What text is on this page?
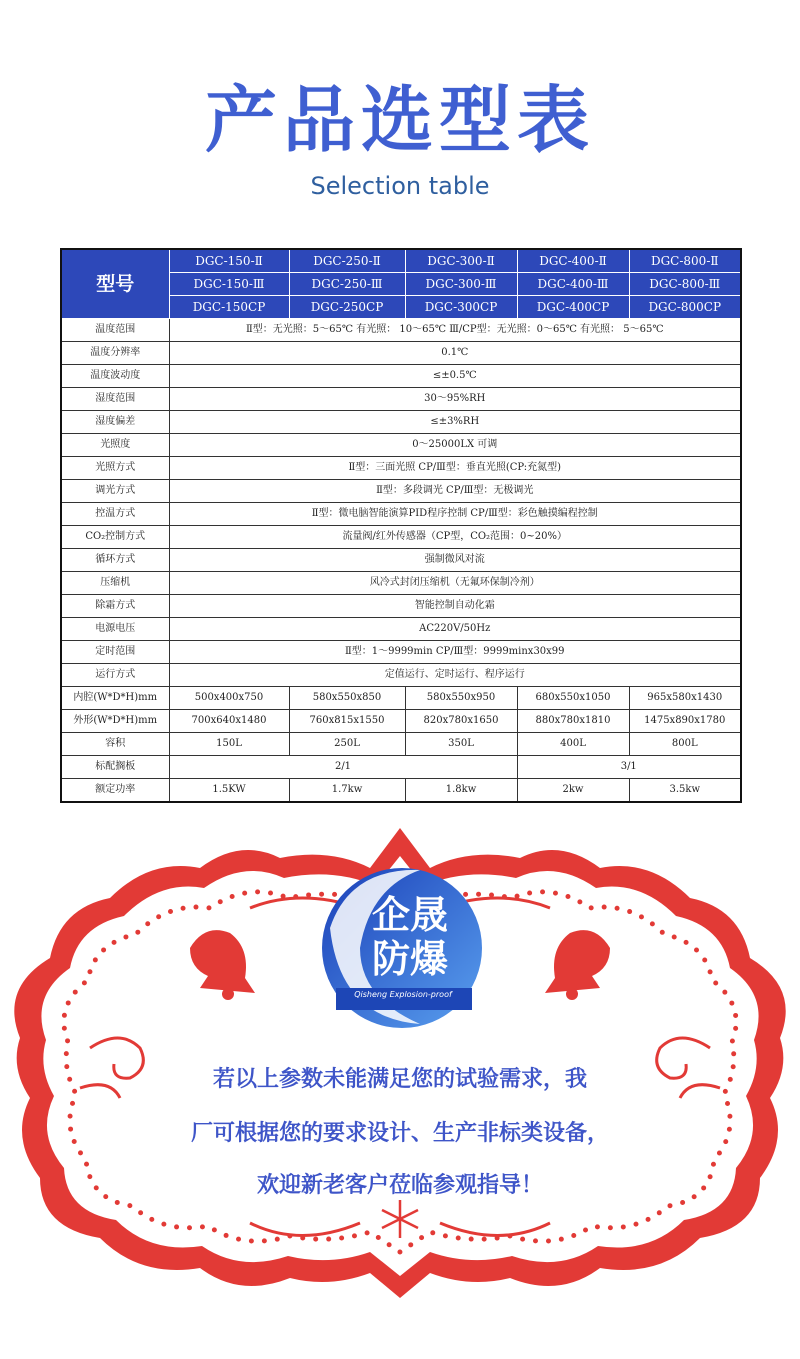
产品选型表
Selection table
型号	DGC-150-Ⅱ	DGC-250-Ⅱ	DGC-300-Ⅱ	DGC-400-Ⅱ	DGC-800-Ⅱ
	DGC-150-Ⅲ	DGC-250-Ⅲ	DGC-300-Ⅲ	DGC-400-Ⅲ	DGC-800-Ⅲ
	DGC-150CP	DGC-250CP	DGC-300CP	DGC-400CP	DGC-800CP
温度范围	Ⅱ型：无光照：5～65℃ 有光照： 10～65℃ Ⅲ/CP型：无光照：0～65℃ 有光照： 5～65℃				
温度分辨率	0.1℃				
温度波动度	≤±0.5℃				
湿度范围	30～95%RH				
湿度偏差	≤±3%RH				
光照度	0～25000LX 可调				
光照方式	Ⅱ型：三面光照 CP/Ⅲ型：垂直光照(CP:充氮型)				
调光方式	Ⅱ型：多段调光 CP/Ⅲ型：无极调光				
控温方式	Ⅱ型：微电脑智能演算PID程序控制 CP/Ⅲ型：彩色触摸编程控制				
CO₂控制方式	流量阀/红外传感器（CP型，CO₂范围：0~20%）				
循环方式	强制微风对流				
压缩机	风冷式封闭压缩机（无氟环保制冷剂）				
除霜方式	智能控制自动化霜				
电源电压	AC220V/50Hz				
定时范围	Ⅱ型：1～9999min CP/Ⅲ型：9999minx30x99				
运行方式	定值运行、定时运行、程序运行				
内腔(W*D*H)mm	500x400x750	580x550x850	580x550x950	680x550x1050	965x580x1430
外形(W*D*H)mm	700x640x1480	760x815x1550	820x780x1650	880x780x1810	1475x890x1780
容积	150L	250L	350L	400L	800L
标配搁板	2/1			3/1	
额定功率	1.5KW	1.7kw	1.8kw	2kw	3.5kw
企晟
防爆
Qisheng Explosion-proof
若以上参数未能满足您的试验需求，我
厂可根据您的要求设计、生产非标类设备，
欢迎新老客户莅临参观指导！
